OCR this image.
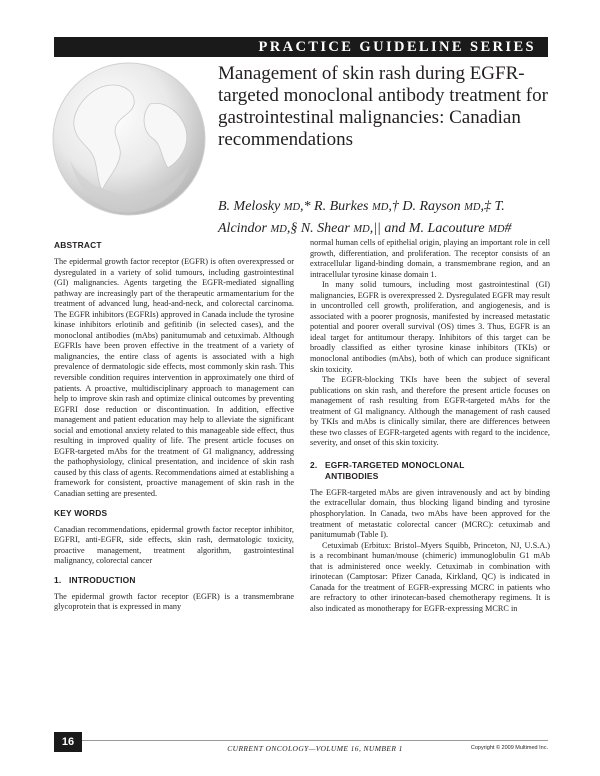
PRACTICE GUIDELINE SERIES
Management of skin rash during EGFR-targeted monoclonal antibody treatment for gastrointestinal malignancies: Canadian recommendations
B. Melosky MD,* R. Burkes MD,† D. Rayson MD,‡ T. Alcindor MD,§ N. Shear MD,|| and M. Lacouture MD#
ABSTRACT

The epidermal growth factor receptor (EGFR) is often overexpressed or dysregulated in a variety of solid tumours, including gastrointestinal (GI) malignancies. Agents targeting the EGFR-mediated signalling pathway are increasingly part of the therapeutic armamentarium for the treatment of advanced lung, head-and-neck, and colorectal carcinoma. The EGFR inhibitors (EGFRIs) approved in Canada include the tyrosine kinase inhibitors erlotinib and gefitinib (in selected cases), and the monoclonal antibodies (mAbs) panitumumab and cetuximab. Although EGFRIs have been proven effective in the treatment of a variety of malignancies, the entire class of agents is associated with a high prevalence of dermatologic side effects, most commonly skin rash. This reversible condition requires intervention in approximately one third of patients. A proactive, multidisciplinary approach to management can help to improve skin rash and optimize clinical outcomes by preventing EGFRI dose reduction or discontinuation. In addition, effective management and patient education may help to alleviate the significant social and emotional anxiety related to this manageable side effect, thus resulting in improved quality of life. The present article focuses on EGFR-targeted mAbs for the treatment of GI malignancy, addressing the pathophysiology, clinical presentation, and incidence of skin rash caused by this class of agents. Recommendations aimed at establishing a framework for consistent, proactive management of skin rash in the Canadian setting are presented.

KEY WORDS

Canadian recommendations, epidermal growth factor receptor inhibitor, EGFRI, anti-EGFR, side effects, skin rash, dermatologic toxicity, proactive management, treatment algorithm, gastrointestinal malignancy, colorectal cancer

1.   INTRODUCTION

The epidermal growth factor receptor (EGFR) is a transmembrane glycoprotein that is expressed in many

normal human cells of epithelial origin, playing an important role in cell growth, differentiation, and proliferation. The receptor consists of an extracellular ligand-binding domain, a transmembrane region, and an intracellular tyrosine kinase domain 1.

In many solid tumours, including most gastrointestinal (GI) malignancies, EGFR is overexpressed 2. Dysregulated EGFR may result in uncontrolled cell growth, proliferation, and angiogenesis, and is associated with a poorer prognosis, manifested by increased metastatic potential and poorer overall survival (OS) times 3. Thus, EGFR is an ideal target for antitumour therapy. Inhibitors of this target can be broadly classified as either tyrosine kinase inhibitors (TKIs) or monoclonal antibodies (mAbs), both of which can produce significant skin toxicity.

The EGFR-blocking TKIs have been the subject of several publications on skin rash, and therefore the present article focuses on management of rash resulting from EGFR-targeted mAbs for the treatment of GI malignancy. Although the management of rash caused by TKIs and mAbs is clinically similar, there are differences between these two classes of EGFR-targeted agents with regard to the incidence, severity, and onset of this skin toxicity.

2.   EGFR-TARGETED MONOCLONAL
ANTIBODIES

The EGFR-targeted mAbs are given intravenously and act by binding the extracellular domain, thus blocking ligand binding and tyrosine phosphorylation. In Canada, two mAbs have been approved for the treatment of metastatic colorectal cancer (MCRC): cetuximab and panitumumab (Table I).

Cetuximab (Erbitux: Bristol–Myers Squibb, Princeton, NJ, U.S.A.) is a recombinant human/mouse (chimeric) immunoglobulin G1 mAb that is administered once weekly. Cetuximab in combination with irinotecan (Camptosar: Pfizer Canada, Kirkland, QC) is indicated in Canada for the treatment of EGFR-expressing MCRC in patients who are refractory to other irinotecan-based chemotherapy regimens. It is also indicated as monotherapy for EGFR-expressing MCRC in

16
CURRENT ONCOLOGY—VOLUME 16, NUMBER 1	Copyright © 2009 Multimed Inc.
